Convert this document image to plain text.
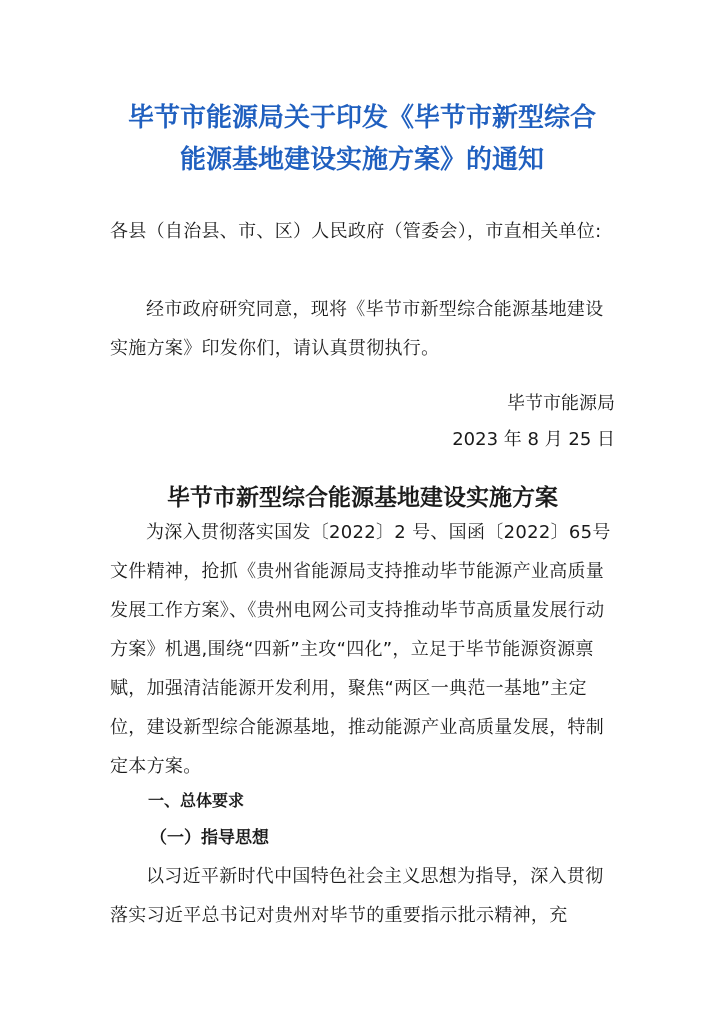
毕节市能源局关于印发《毕节市新型综合
能源基地建设实施方案》的通知

各县（自治县、市、区）人民政府（管委会），市直相关单位:

经市政府研究同意，现将《毕节市新型综合能源基地建设实施方案》印发你们，请认真贯彻执行。

毕节市能源局

2023 年 8 月 25 日

毕节市新型综合能源基地建设实施方案

为深入贯彻落实国发〔2022〕2 号、国函〔2022〕65号文件精神，抢抓《贵州省能源局支持推动毕节能源产业高质量发展工作方案》、《贵州电网公司支持推动毕节高质量发展行动方案》机遇,围绕“四新”主攻“四化”，立足于毕节能源资源禀赋，加强清洁能源开发利用，聚焦“两区一典范一基地”主定位，建设新型综合能源基地，推动能源产业高质量发展，特制定本方案。

一、总体要求
（一）指导思想

以习近平新时代中国特色社会主义思想为指导，深入贯彻落实习近平总书记对贵州对毕节的重要指示批示精神，充
